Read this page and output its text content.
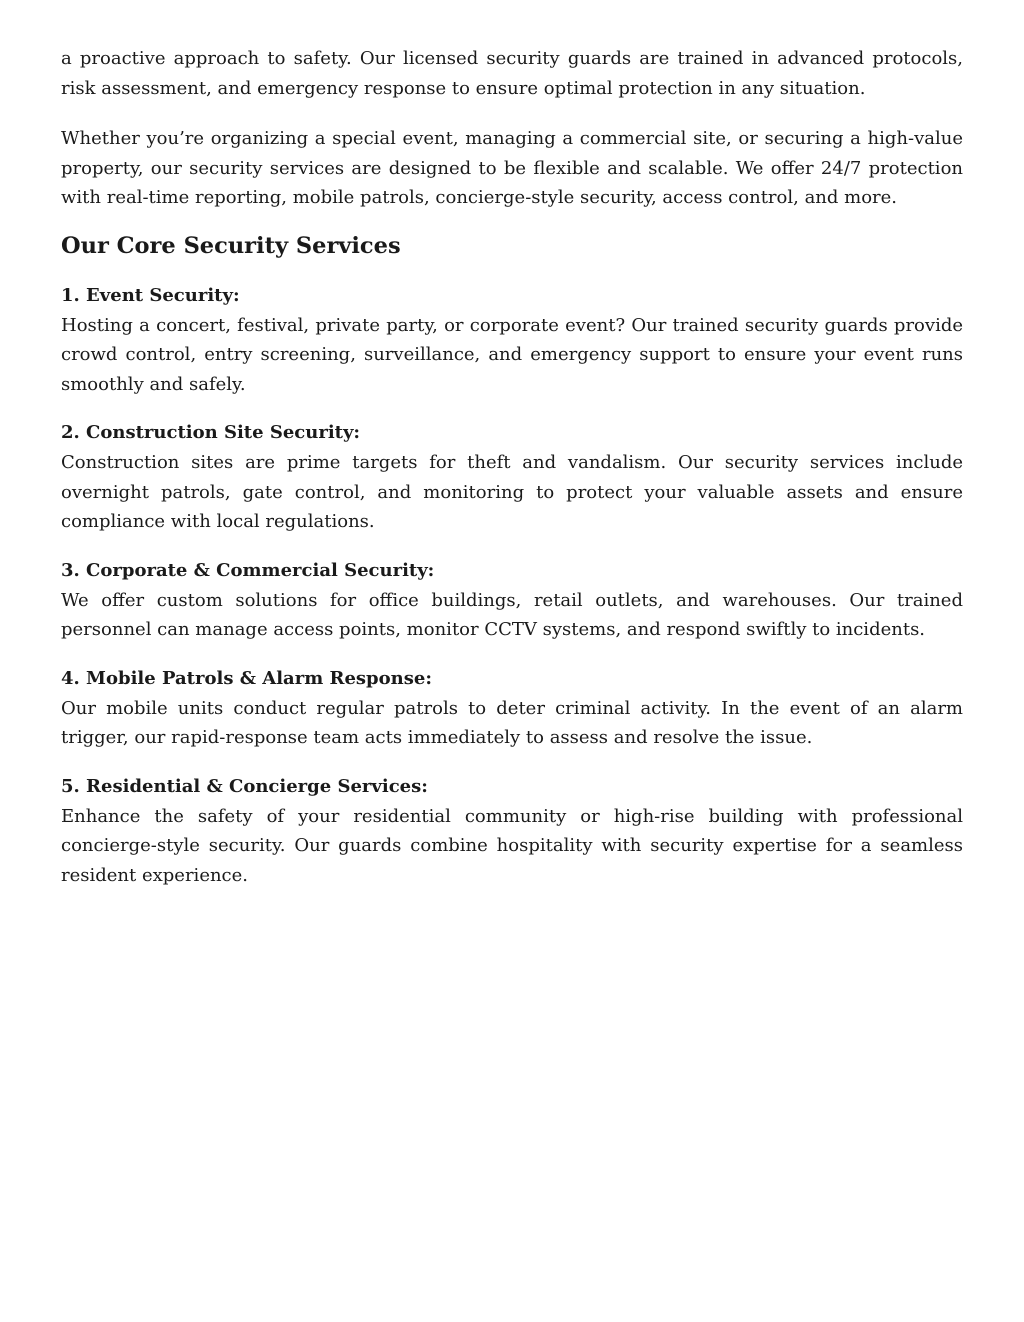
a proactive approach to safety. Our licensed security guards are trained in advanced protocols, risk assessment, and emergency response to ensure optimal protection in any situation.

Whether you’re organizing a special event, managing a commercial site, or securing a high-value property, our security services are designed to be flexible and scalable. We offer 24/7 protection with real-time reporting, mobile patrols, concierge-style security, access control, and more.

Our Core Security Services
1. Event Security:

Hosting a concert, festival, private party, or corporate event? Our trained security guards provide crowd control, entry screening, surveillance, and emergency support to ensure your event runs smoothly and safely.

2. Construction Site Security:

Construction sites are prime targets for theft and vandalism. Our security services include overnight patrols, gate control, and monitoring to protect your valuable assets and ensure compliance with local regulations.

3. Corporate & Commercial Security:

We offer custom solutions for office buildings, retail outlets, and warehouses. Our trained personnel can manage access points, monitor CCTV systems, and respond swiftly to incidents.

4. Mobile Patrols & Alarm Response:

Our mobile units conduct regular patrols to deter criminal activity. In the event of an alarm trigger, our rapid-response team acts immediately to assess and resolve the issue.

5. Residential & Concierge Services:

Enhance the safety of your residential community or high-rise building with professional concierge-style security. Our guards combine hospitality with security expertise for a seamless resident experience.
